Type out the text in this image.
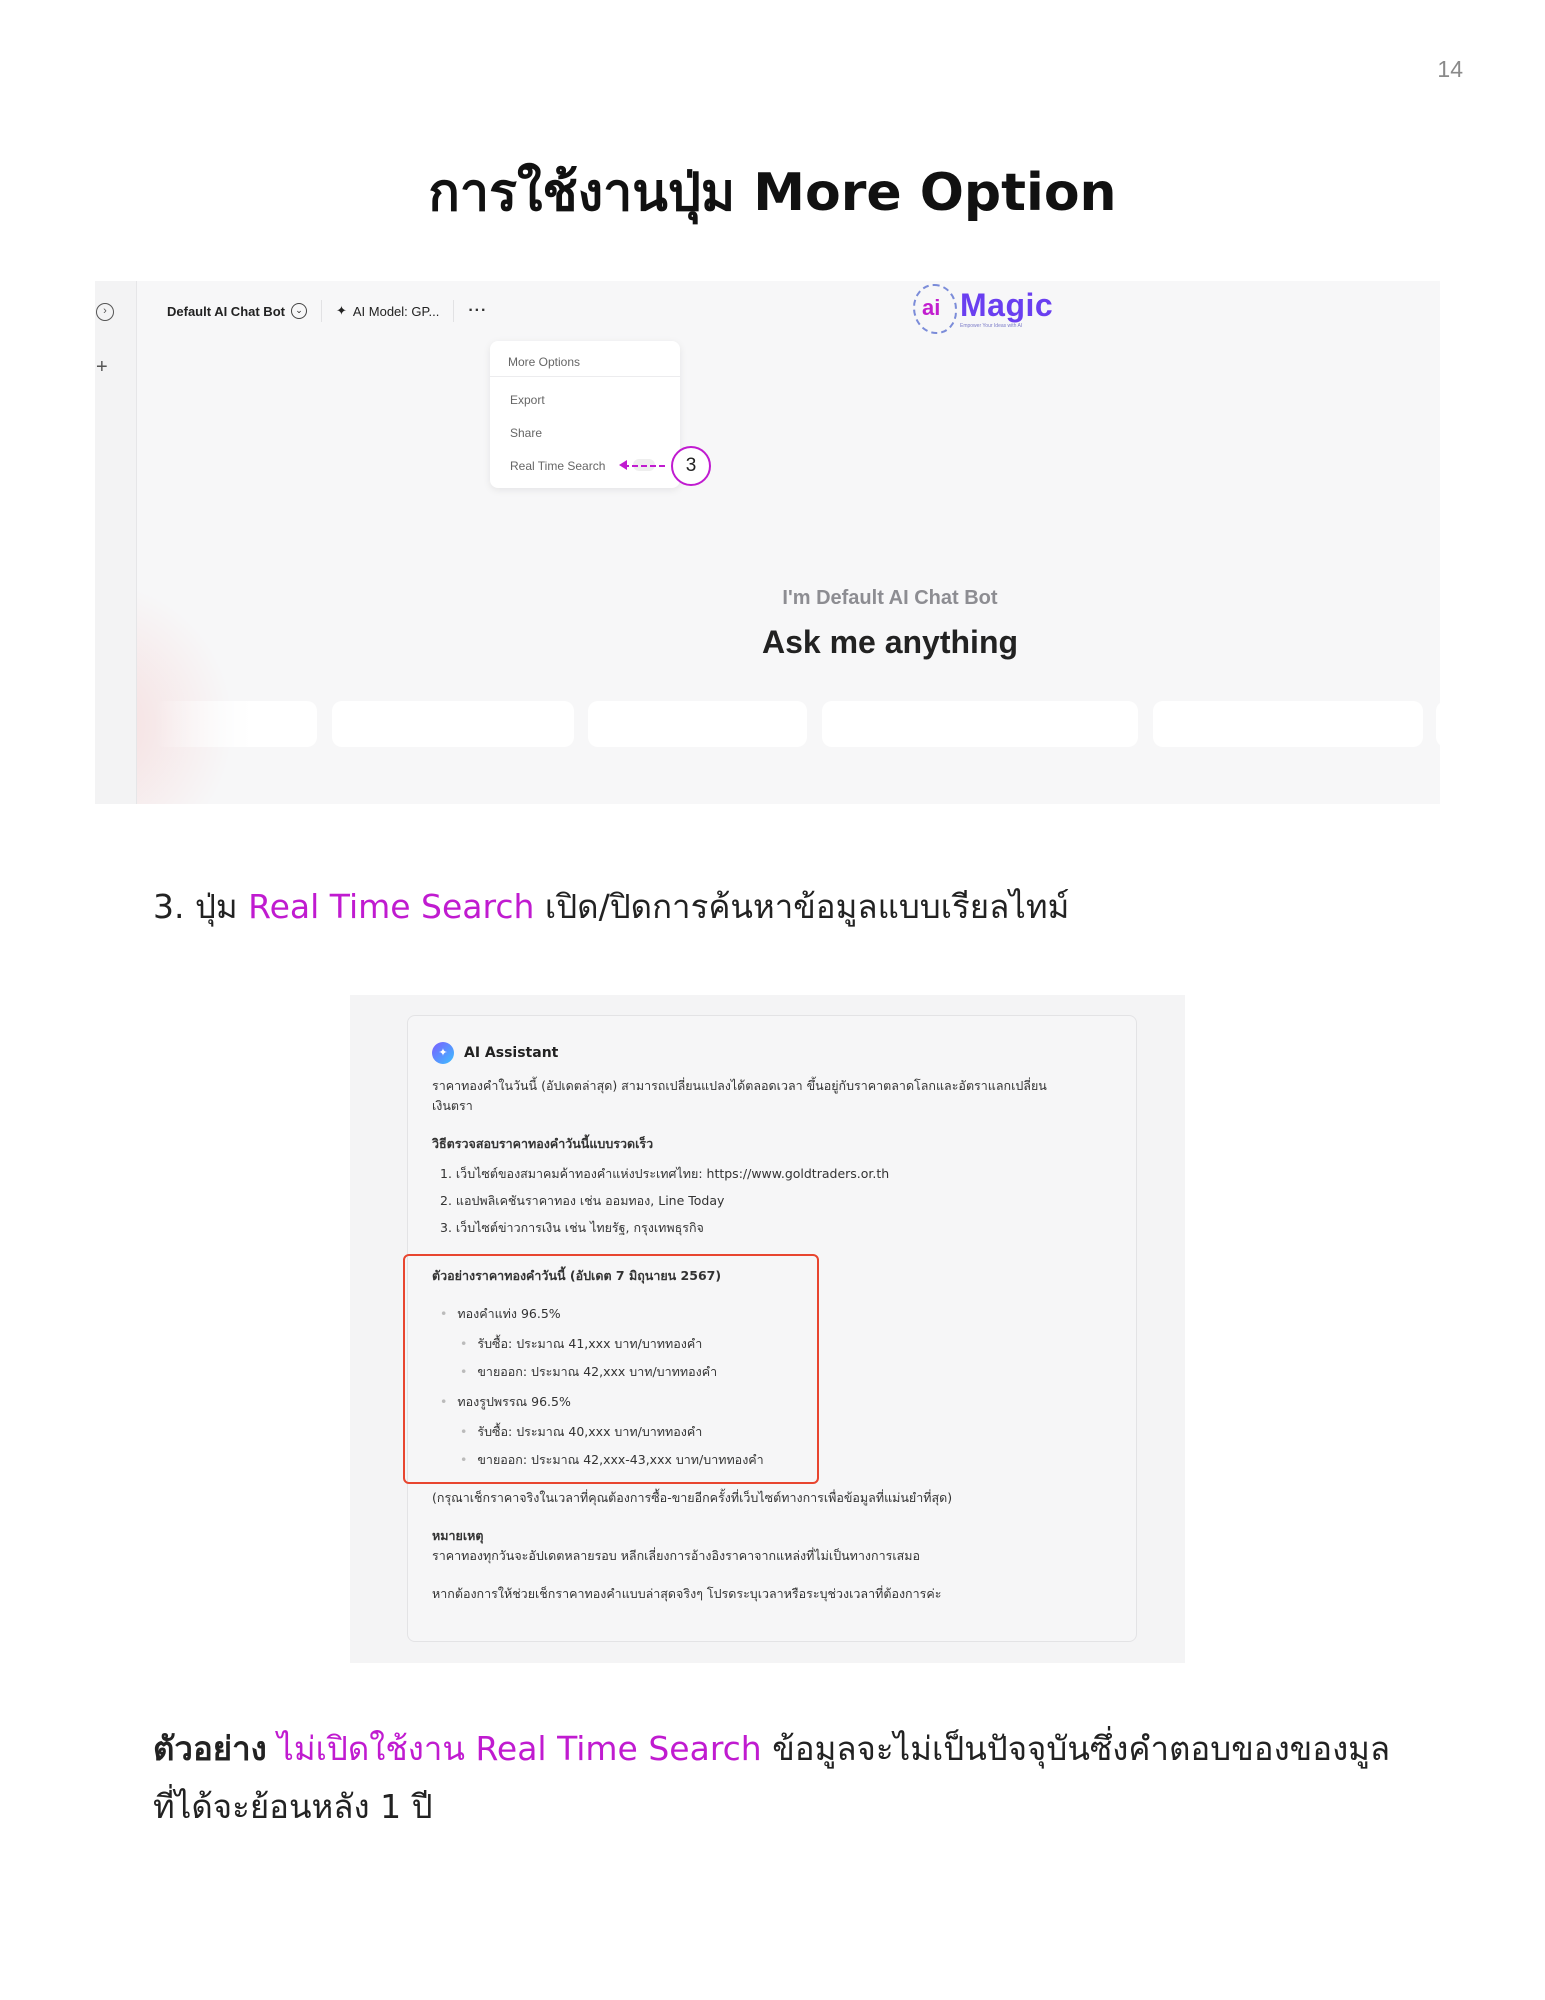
14
การใช้งานปุ่ม More Option
›
+
Default AI Chat Bot	⌄	✦ AI Model: GP... ···	ai Magic
Empower Your Ideas with AI
More Options
Export
Share
Real Time Search	3
I'm Default AI Chat Bot
Ask me anything
3. ปุ่ม Real Time Search เปิด/ปิดการค้นหาข้อมูลแบบเรียลไทม์
✦	AI Assistant
ราคาทองคำในวันนี้ (อัปเดตล่าสุด) สามารถเปลี่ยนแปลงได้ตลอดเวลา ขึ้นอยู่กับราคาตลาดโลกและอัตราแลกเปลี่ยน
เงินตรา
วิธีตรวจสอบราคาทองคำวันนี้แบบรวดเร็ว
1. เว็บไซต์ของสมาคมค้าทองคำแห่งประเทศไทย: https://www.goldtraders.or.th
2. แอปพลิเคชันราคาทอง เช่น ออมทอง, Line Today
3. เว็บไซต์ข่าวการเงิน เช่น ไทยรัฐ, กรุงเทพธุรกิจ
ตัวอย่างราคาทองคำวันนี้ (อัปเดต 7 มิถุนายน 2567)
• ทองคำแท่ง 96.5%
• รับซื้อ: ประมาณ 41,xxx บาท/บาททองคำ
• ขายออก: ประมาณ 42,xxx บาท/บาททองคำ
• ทองรูปพรรณ 96.5%
• รับซื้อ: ประมาณ 40,xxx บาท/บาททองคำ
• ขายออก: ประมาณ 42,xxx-43,xxx บาท/บาททองคำ
(กรุณาเช็กราคาจริงในเวลาที่คุณต้องการซื้อ-ขายอีกครั้งที่เว็บไซต์ทางการเพื่อข้อมูลที่แม่นยำที่สุด)
หมายเหตุ
ราคาทองทุกวันจะอัปเดตหลายรอบ หลีกเลี่ยงการอ้างอิงราคาจากแหล่งที่ไม่เป็นทางการเสมอ
หากต้องการให้ช่วยเช็กราคาทองคำแบบล่าสุดจริงๆ โปรดระบุเวลาหรือระบุช่วงเวลาที่ต้องการค่ะ
ตัวอย่าง ไม่เปิดใช้งาน Real Time Search ข้อมูลจะไม่เป็นปัจจุบันซึ่งคำตอบของของมูลที่ได้จะย้อนหลัง 1 ปี
